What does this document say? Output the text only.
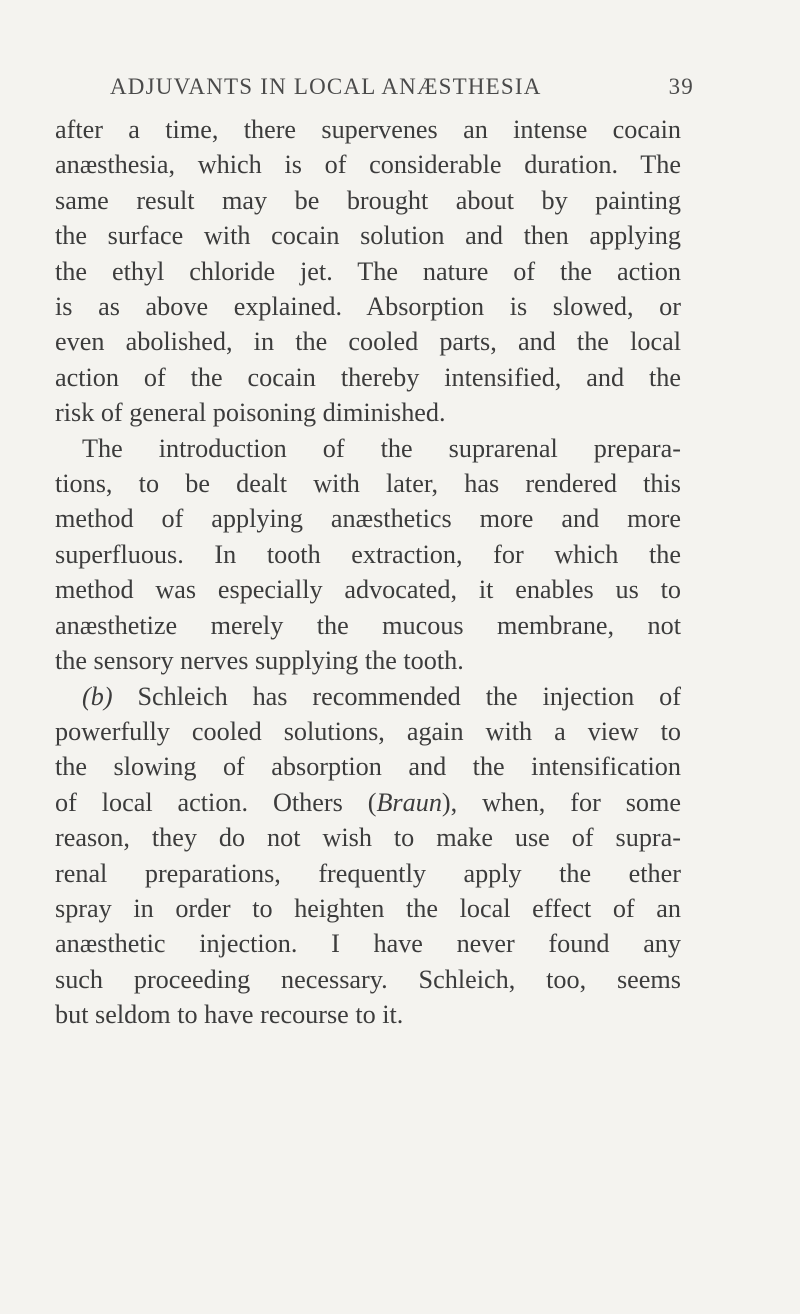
ADJUVANTS IN LOCAL ANÆSTHESIA	39

after a time, there supervenes an intense cocain
anæsthesia, which is of considerable duration. The
same result may be brought about by painting
the surface with cocain solution and then applying
the ethyl chloride jet. The nature of the action
is as above explained. Absorption is slowed, or
even abolished, in the cooled parts, and the local
action of the cocain thereby intensified, and the
risk of general poisoning diminished.

The introduction of the suprarenal prepara-
tions, to be dealt with later, has rendered this
method of applying anæsthetics more and more
superfluous. In tooth extraction, for which the
method was especially advocated, it enables us to
anæsthetize merely the mucous membrane, not
the sensory nerves supplying the tooth.

(b) Schleich has recommended the injection of
powerfully cooled solutions, again with a view to
the slowing of absorption and the intensification
of local action. Others (Braun), when, for some
reason, they do not wish to make use of supra-
renal preparations, frequently apply the ether
spray in order to heighten the local effect of an
anæsthetic injection. I have never found any
such proceeding necessary. Schleich, too, seems
but seldom to have recourse to it.
